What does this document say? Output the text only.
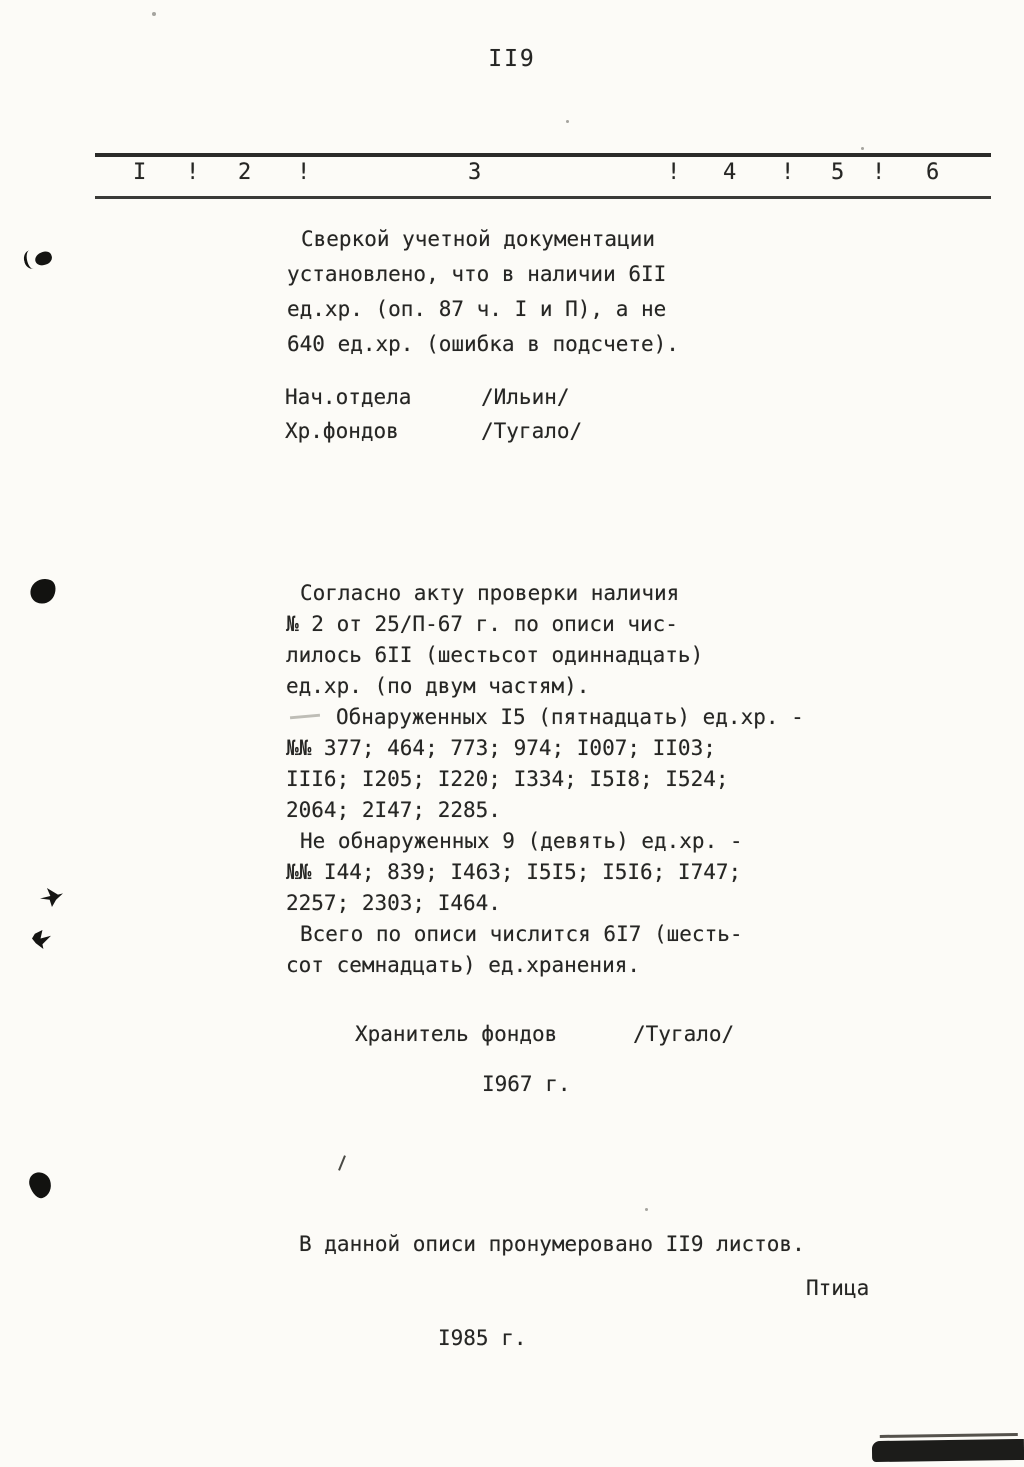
II9
I ! 2 !	3	! 4 ! 5 ! 6
Сверкой учетной документации
установлено, что в наличии 6II
ед.хр. (оп. 87 ч. I и П), а не
640 ед.хр. (ошибка в подсчете).
Нач.отдела	/Ильин/
Хр.фондов	/Тугало/
Согласно акту проверки наличия
№ 2 от 25/П-67 г. по описи чис-
лилось 6II (шестьсот одиннадцать)
ед.хр. (по двум частям).
Обнаруженных I5 (пятнадцать) ед.хр. -
№№ 377; 464; 773; 974; I007; II03;
III6; I205; I220; I334; I5I8; I524;
2064; 2I47; 2285.
Не обнаруженных 9 (девять) ед.хр. -
№№ I44; 839; I463; I5I5; I5I6; I747;
2257; 2303; I464.
Всего по описи числится 6I7 (шесть-
сот семнадцать) ед.хранения.
Хранитель фондов	/Тугало/
I967 г.
В данной описи пронумеровано II9 листов.
Птица
I985 г.
